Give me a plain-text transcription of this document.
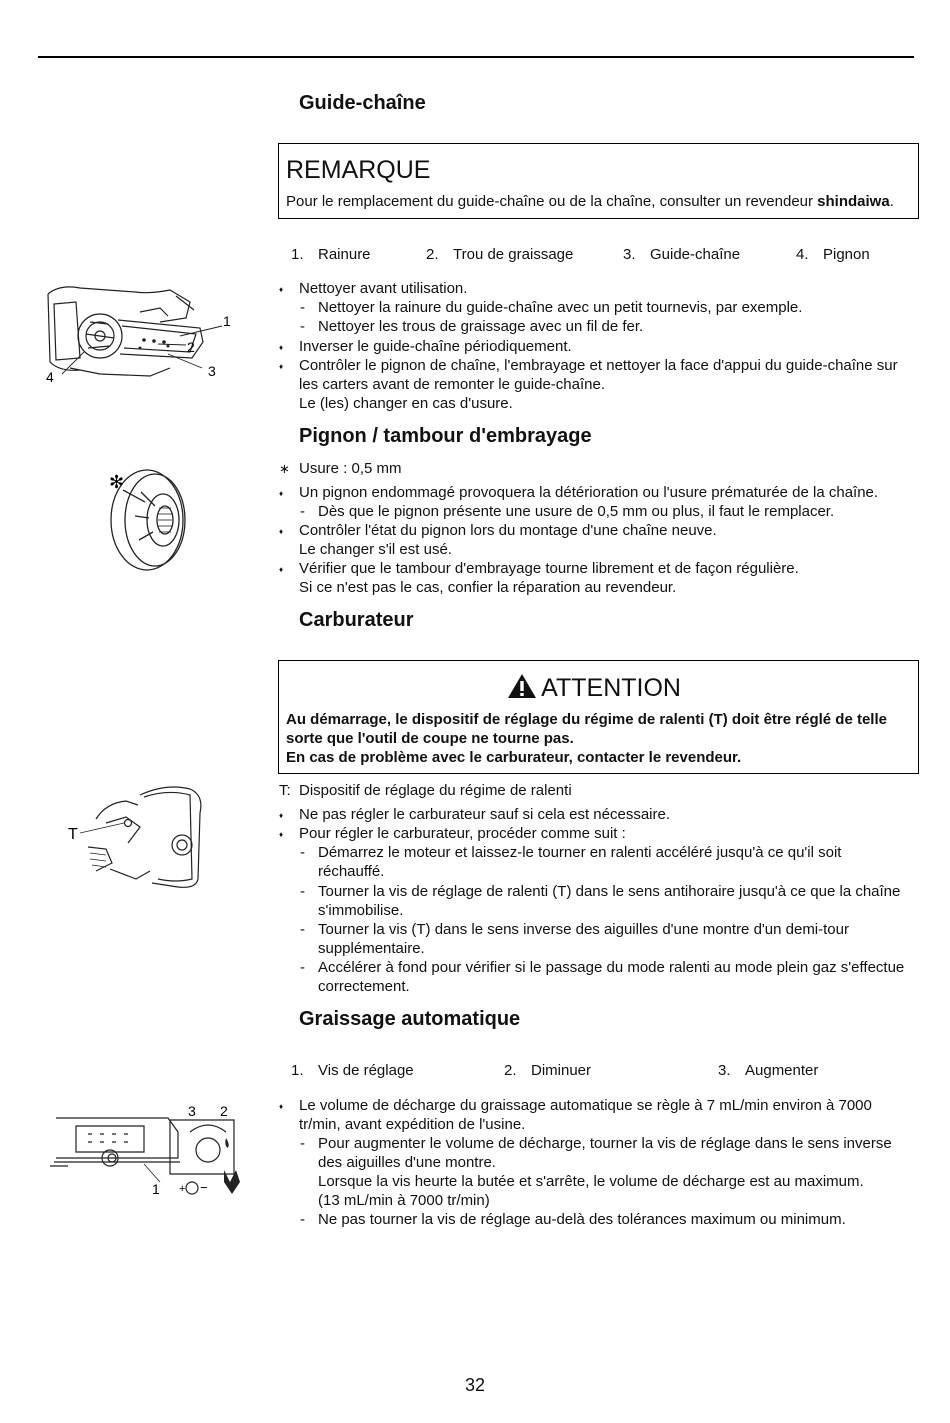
Guide-chaîne
REMARQUE
Pour le remplacement du guide-chaîne ou de la chaîne, consulter un revendeur shindaiwa.
1. Rainure	2. Trou de graissage	3. Guide-chaîne	4. Pignon
1
2
3
4
♦ Nettoyer avant utilisation.
- Nettoyer la rainure du guide-chaîne avec un petit tournevis, par exemple.
- Nettoyer les trous de graissage avec un fil de fer.
♦ Inverser le guide-chaîne périodiquement.
♦ Contrôler le pignon de chaîne, l'embrayage et nettoyer la face d'appui du guide-chaîne sur
les carters avant de remonter le guide-chaîne.
Le (les) changer en cas d'usure.
Pignon / tambour d'embrayage
✻
∗ Usure : 0,5 mm
♦ Un pignon endommagé provoquera la détérioration ou l'usure prématurée de la chaîne.
- Dès que le pignon présente une usure de 0,5 mm ou plus, il faut le remplacer.
♦ Contrôler l'état du pignon lors du montage d'une chaîne neuve.
Le changer s'il est usé.
♦ Vérifier que le tambour d'embrayage tourne librement et de façon régulière.
Si ce n'est pas le cas, confier la réparation au revendeur.
Carburateur
ATTENTION
Au démarrage, le dispositif de réglage du régime de ralenti (T) doit être réglé de telle
sorte que l'outil de coupe ne tourne pas.
En cas de problème avec le carburateur, contacter le revendeur.
T: Dispositif de réglage du régime de ralenti
T
♦ Ne pas régler le carburateur sauf si cela est nécessaire.
♦ Pour régler le carburateur, procéder comme suit :
- Démarrez le moteur et laissez-le tourner en ralenti accéléré jusqu'à ce qu'il soit
réchauffé.
- Tourner la vis de réglage de ralenti (T) dans le sens antihoraire jusqu'à ce que la chaîne
s'immobilise.
- Tourner la vis (T) dans le sens inverse des aiguilles d'une montre d'un demi-tour
supplémentaire.
- Accélérer à fond pour vérifier si le passage du mode ralenti au mode plein gaz s'effectue
correctement.
Graissage automatique
1. Vis de réglage	2. Diminuer	3. Augmenter
3 2
1 + −
♦ Le volume de décharge du graissage automatique se règle à 7 mL/min environ à 7000
tr/min, avant expédition de l'usine.
- Pour augmenter le volume de décharge, tourner la vis de réglage dans le sens inverse
des aiguilles d'une montre.
Lorsque la vis heurte la butée et s'arrête, le volume de décharge est au maximum.
(13 mL/min à 7000 tr/min)
- Ne pas tourner la vis de réglage au-delà des tolérances maximum ou minimum.
32
